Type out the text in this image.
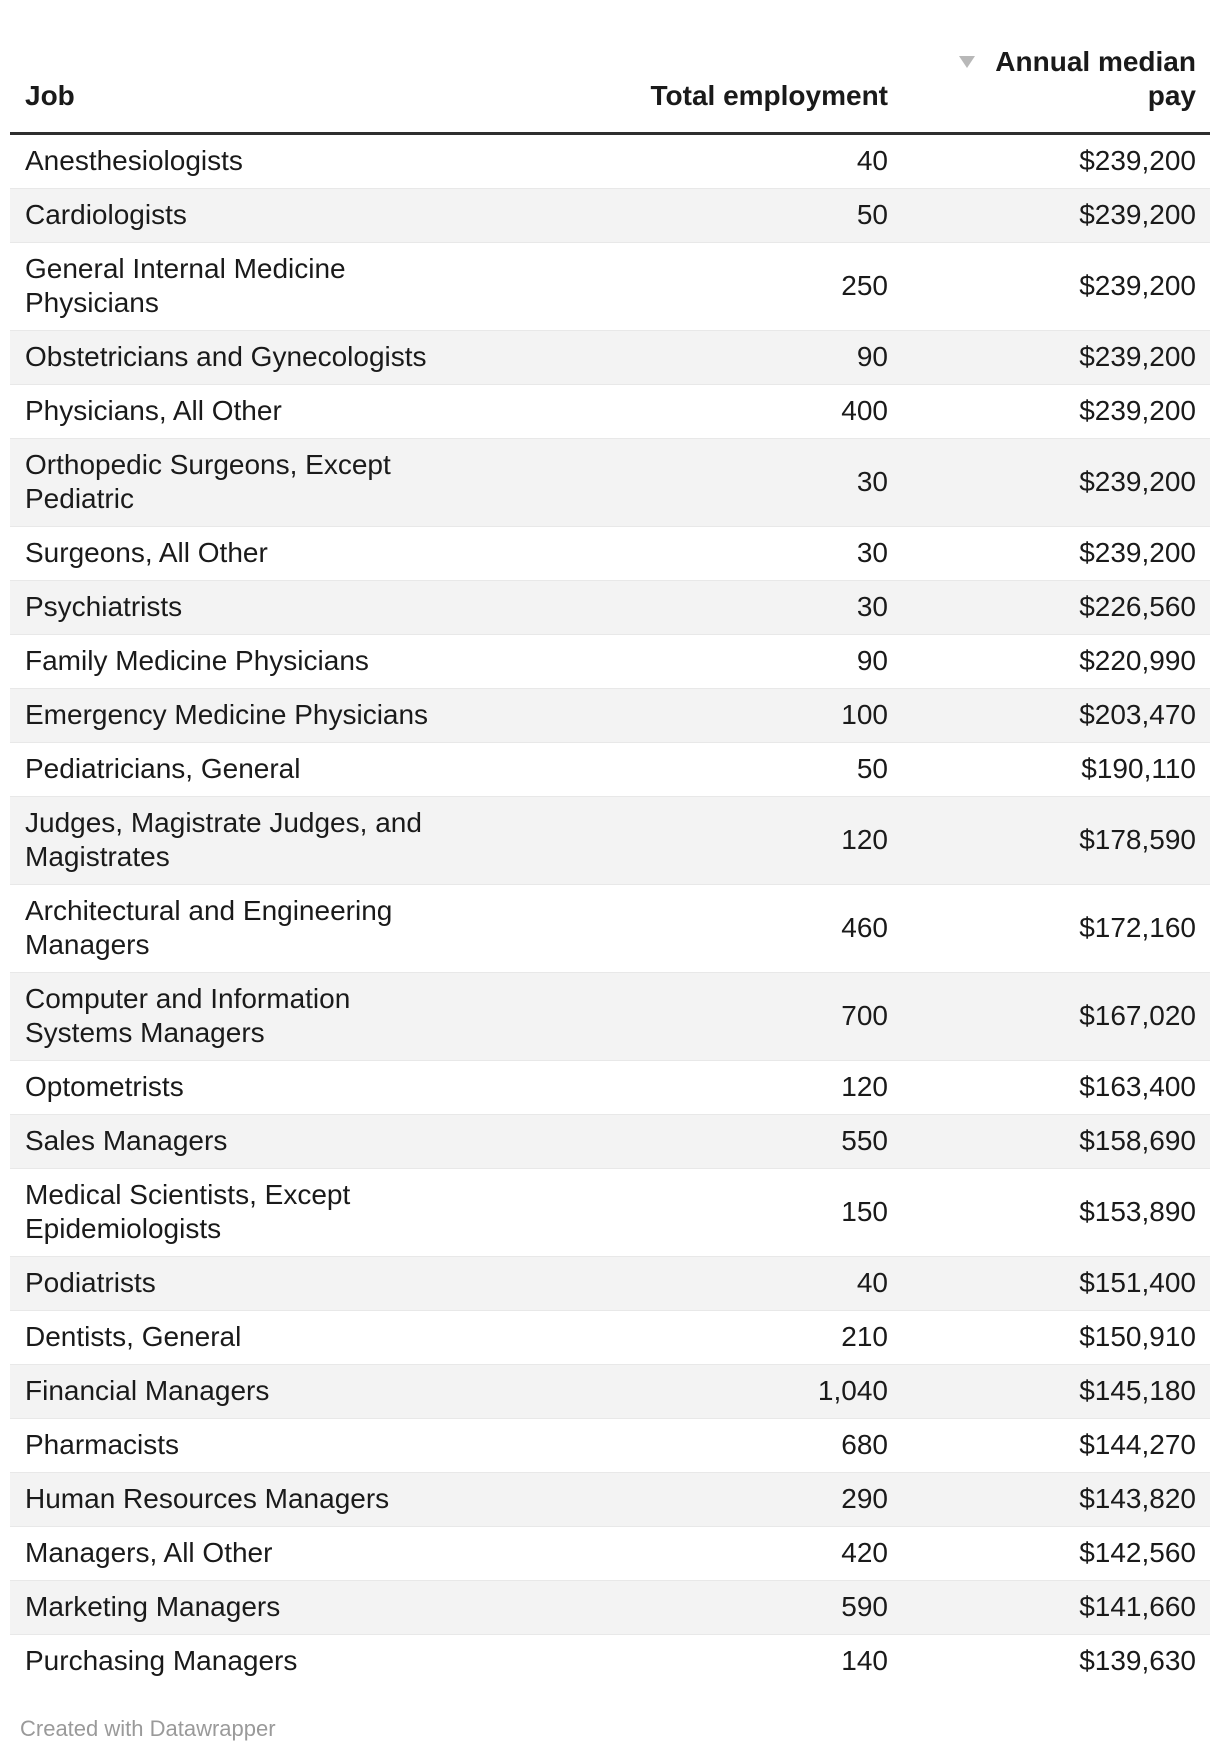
Job	Total employment	Annual median pay

Anesthesiologists	40	$239,200
Cardiologists	50	$239,200
General Internal Medicine Physicians	250	$239,200
Obstetricians and Gynecologists	90	$239,200
Physicians, All Other	400	$239,200
Orthopedic Surgeons, Except Pediatric	30	$239,200
Surgeons, All Other	30	$239,200
Psychiatrists	30	$226,560
Family Medicine Physicians	90	$220,990
Emergency Medicine Physicians	100	$203,470
Pediatricians, General	50	$190,110
Judges, Magistrate Judges, and Magistrates	120	$178,590
Architectural and Engineering Managers	460	$172,160
Computer and Information Systems Managers	700	$167,020
Optometrists	120	$163,400
Sales Managers	550	$158,690
Medical Scientists, Except Epidemiologists	150	$153,890
Podiatrists	40	$151,400
Dentists, General	210	$150,910
Financial Managers	1,040	$145,180
Pharmacists	680	$144,270
Human Resources Managers	290	$143,820
Managers, All Other	420	$142,560
Marketing Managers	590	$141,660
Purchasing Managers	140	$139,630
Created with Datawrapper
